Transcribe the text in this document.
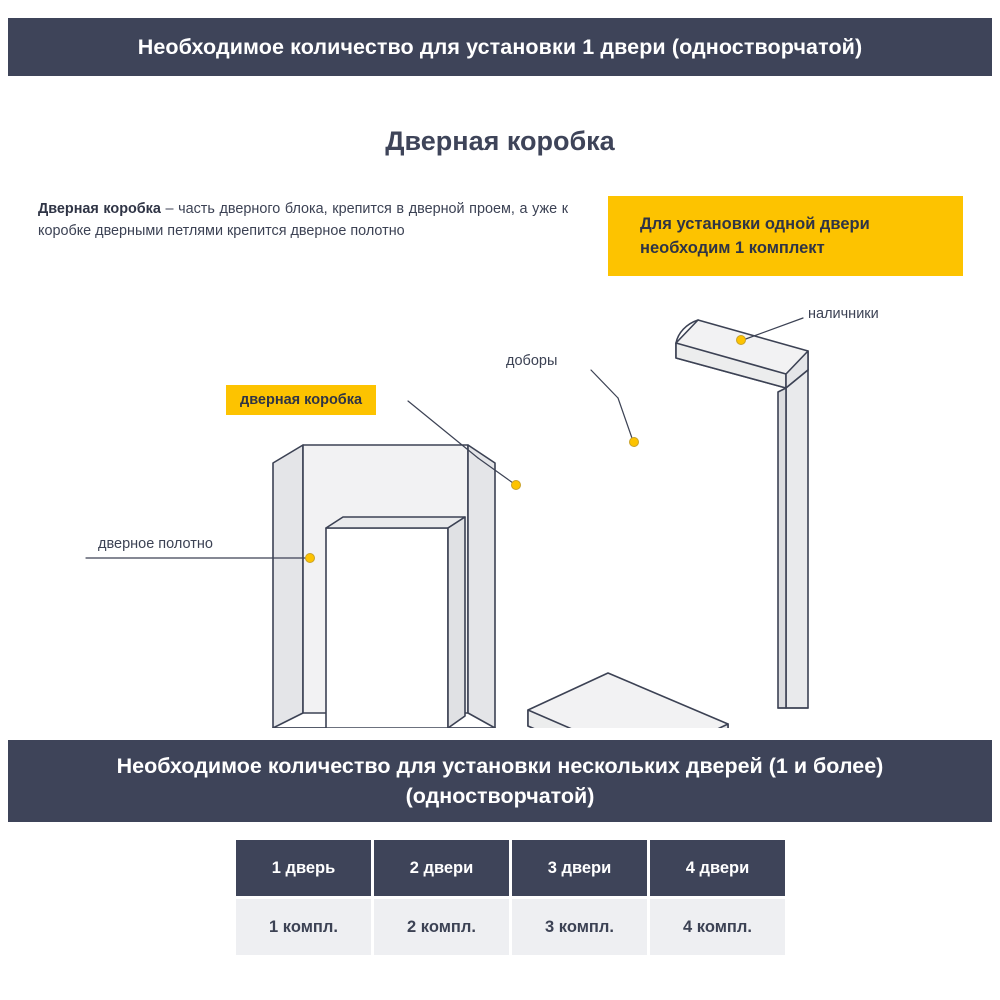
Необходимое количество для установки 1 двери (одностворчатой)
Дверная коробка
Дверная коробка – часть дверного блока, крепится в дверной проем, а уже к коробке дверными петлями крепится дверное полотно	Для установки одной двери
необходим 1 комплект
наличники
доборы
дверное полотно
дверная коробка
Необходимое количество для установки нескольких дверей (1 и более)
(одностворчатой)
1 дверь	2 двери	3 двери	4 двери
1 компл.	2 компл.	3 компл.	4 компл.
